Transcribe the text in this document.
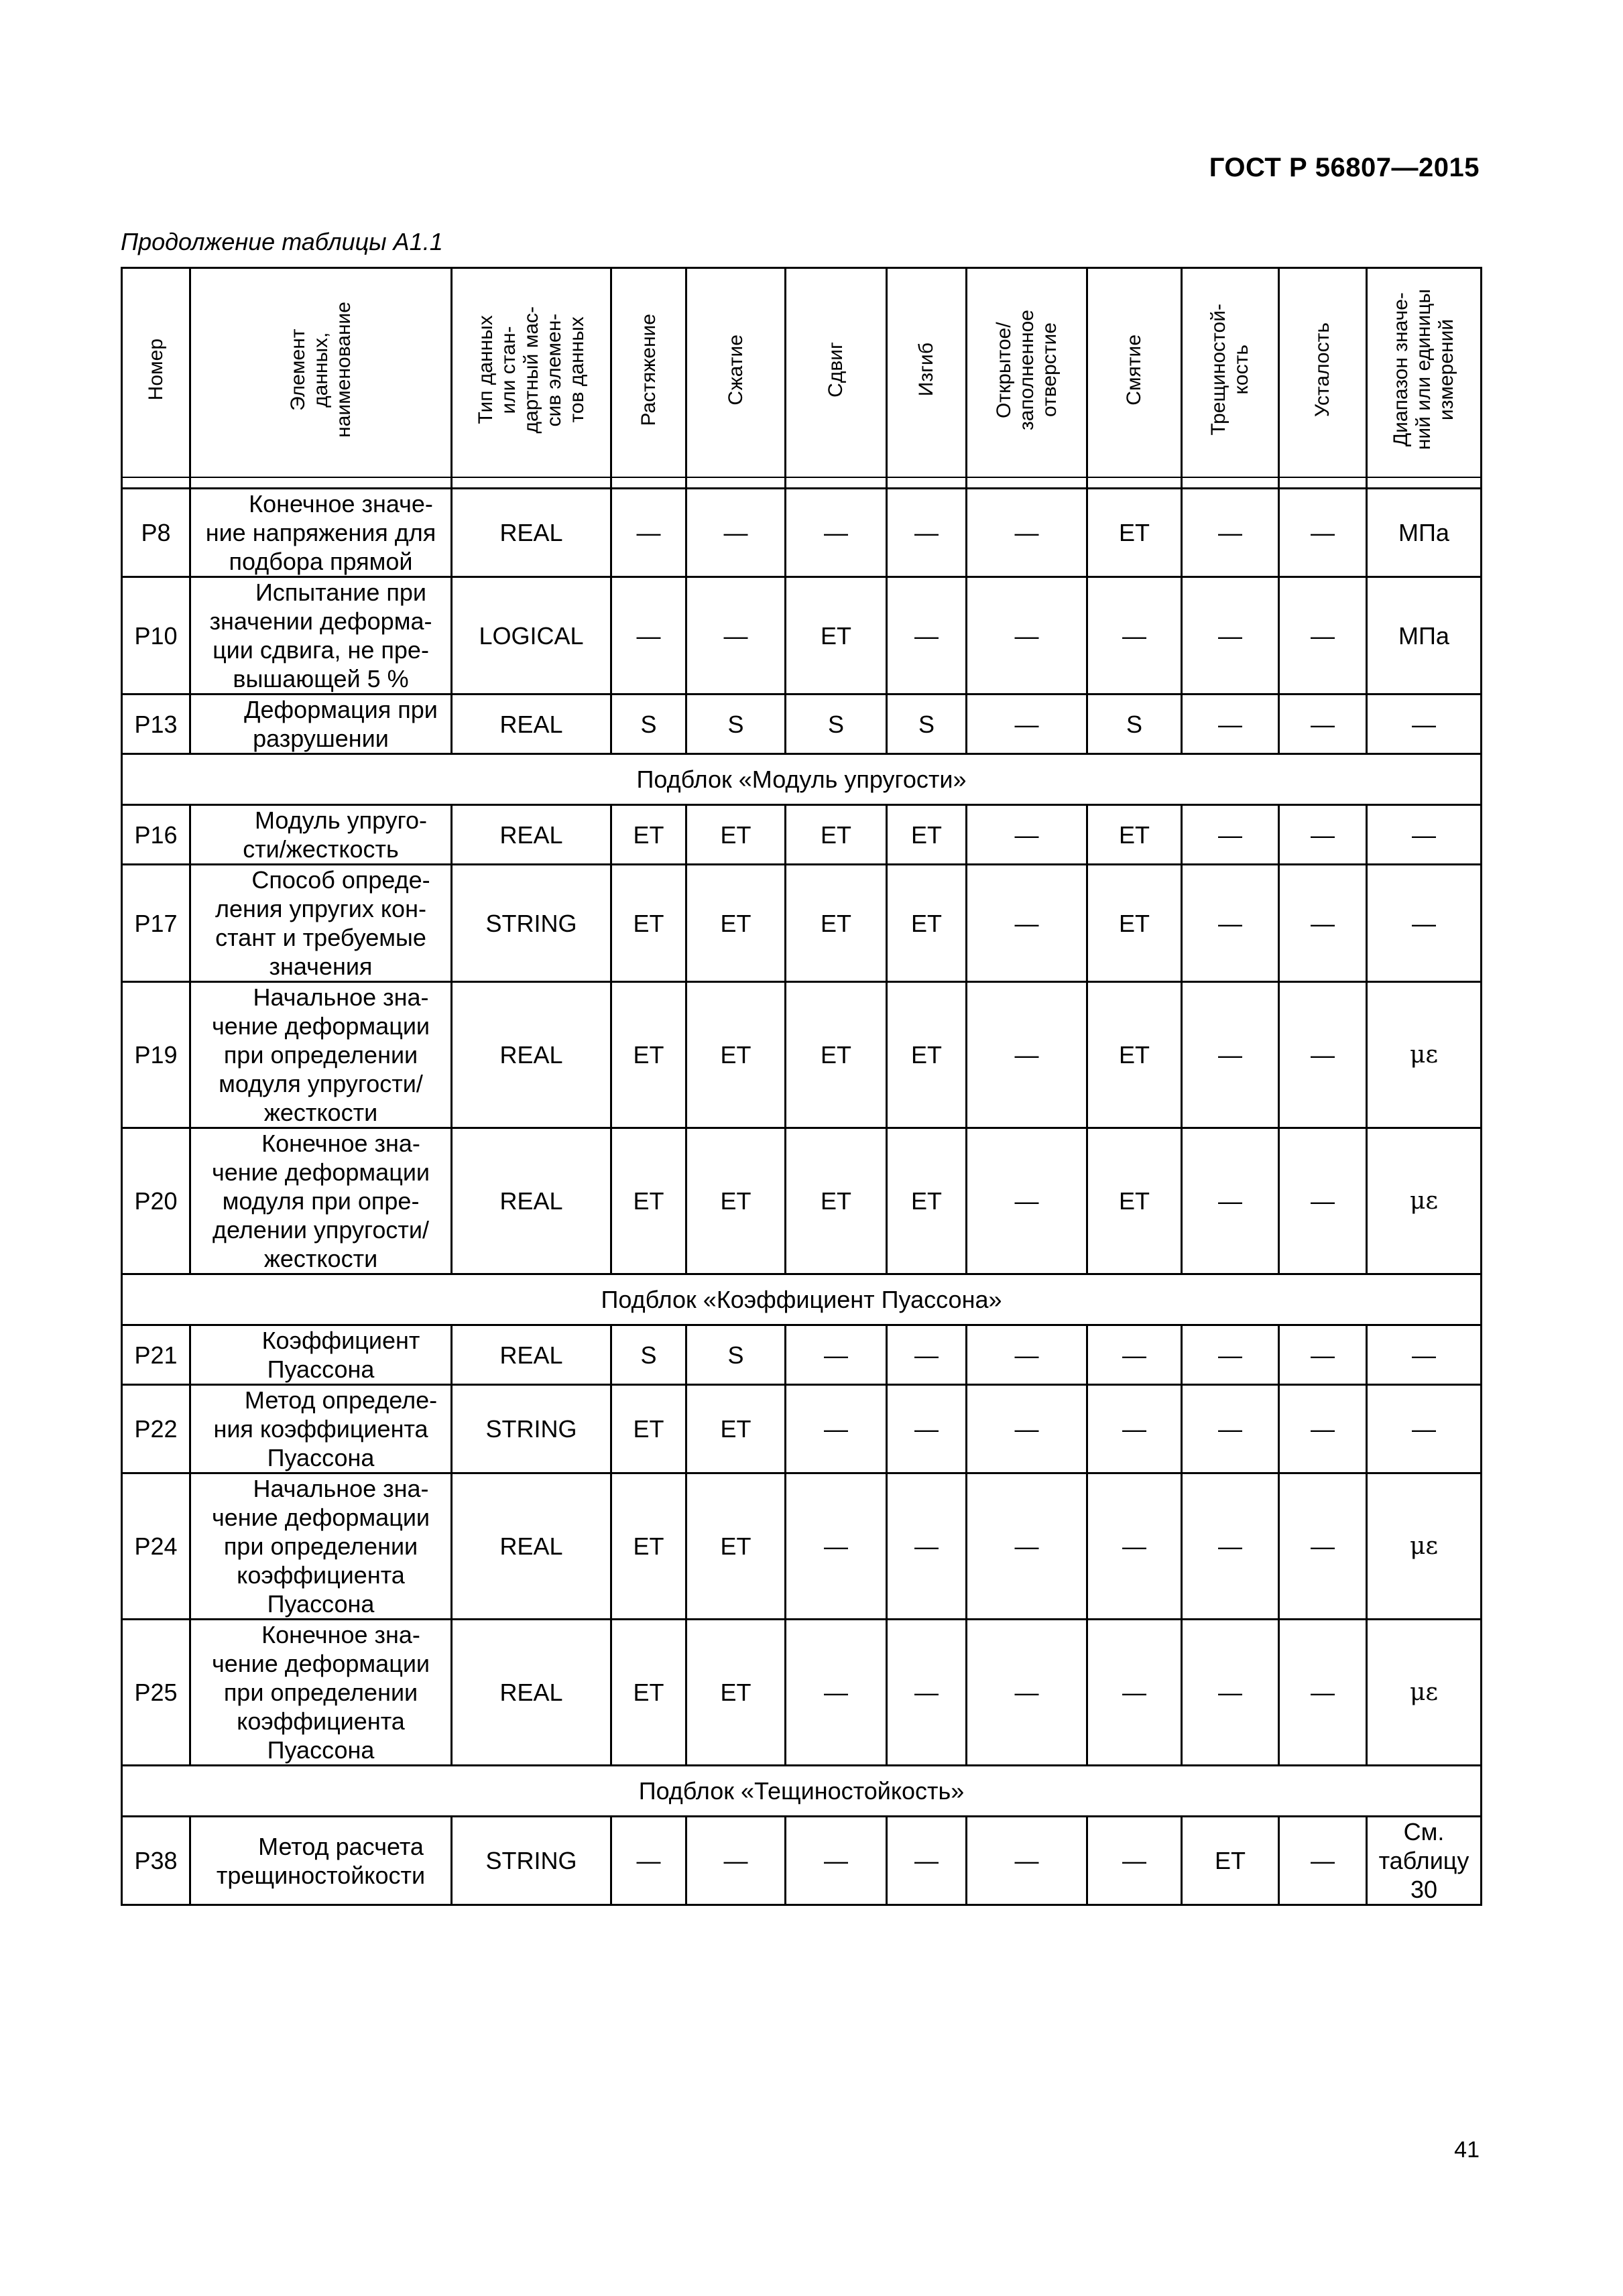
ГОСТ Р 56807—2015
Продолжение таблицы А1.1
Номер	Элемент
данных,
наименование	Тип данных
или стан-
дартный мас-
сив элемен-
тов данных	Растяжение	Сжатие	Сдвиг	Изгиб	Открытое/
заполненное
отверстие	Смятие	Трещиностой-
кость	Усталость	Диапазон значе-
ний или единицы
измерений

P8	Конечное значе-
ние напряжения для
подбора прямой	REAL	—	—	—	—	—	ЕТ	—	—	МПа
P10	Испытание при
значении деформа-
ции сдвига, не пре-
вышающей 5 %	LOGICAL	—	—	ЕТ	—	—	—	—	—	МПа
P13	Деформация при
разрушении	REAL	S	S	S	S	—	S	—	—	—
Подблок «Модуль упругости»											
P16	Модуль упруго-
сти/жесткость	REAL	ЕТ	ЕТ	ЕТ	ЕТ	—	ЕТ	—	—	—
P17	Способ опреде-
ления упругих кон-
стант и требуемые
значения	STRING	ЕТ	ЕТ	ЕТ	ЕТ	—	ЕТ	—	—	—
P19	Начальное зна-
чение деформации
при определении
модуля упругости/
жесткости	REAL	ЕТ	ЕТ	ЕТ	ЕТ	—	ЕТ	—	—	με
P20	Конечное зна-
чение деформации
модуля при опре-
делении упругости/
жесткости	REAL	ЕТ	ЕТ	ЕТ	ЕТ	—	ЕТ	—	—	με
Подблок «Коэффициент Пуассона»											
P21	Коэффициент
Пуассона	REAL	S	S	—	—	—	—	—	—	—
P22	Метод определе-
ния коэффициента
Пуассона	STRING	ЕТ	ЕТ	—	—	—	—	—	—	—
P24	Начальное зна-
чение деформации
при определении
коэффициента
Пуассона	REAL	ЕТ	ЕТ	—	—	—	—	—	—	με
P25	Конечное зна-
чение деформации
при определении
коэффициента
Пуассона	REAL	ЕТ	ЕТ	—	—	—	—	—	—	με
Подблок «Тещиностойкость»											
P38	Метод расчета
трещиностойкости	STRING	—	—	—	—	—	—	ЕТ	—	См.
таблицу
30
41
